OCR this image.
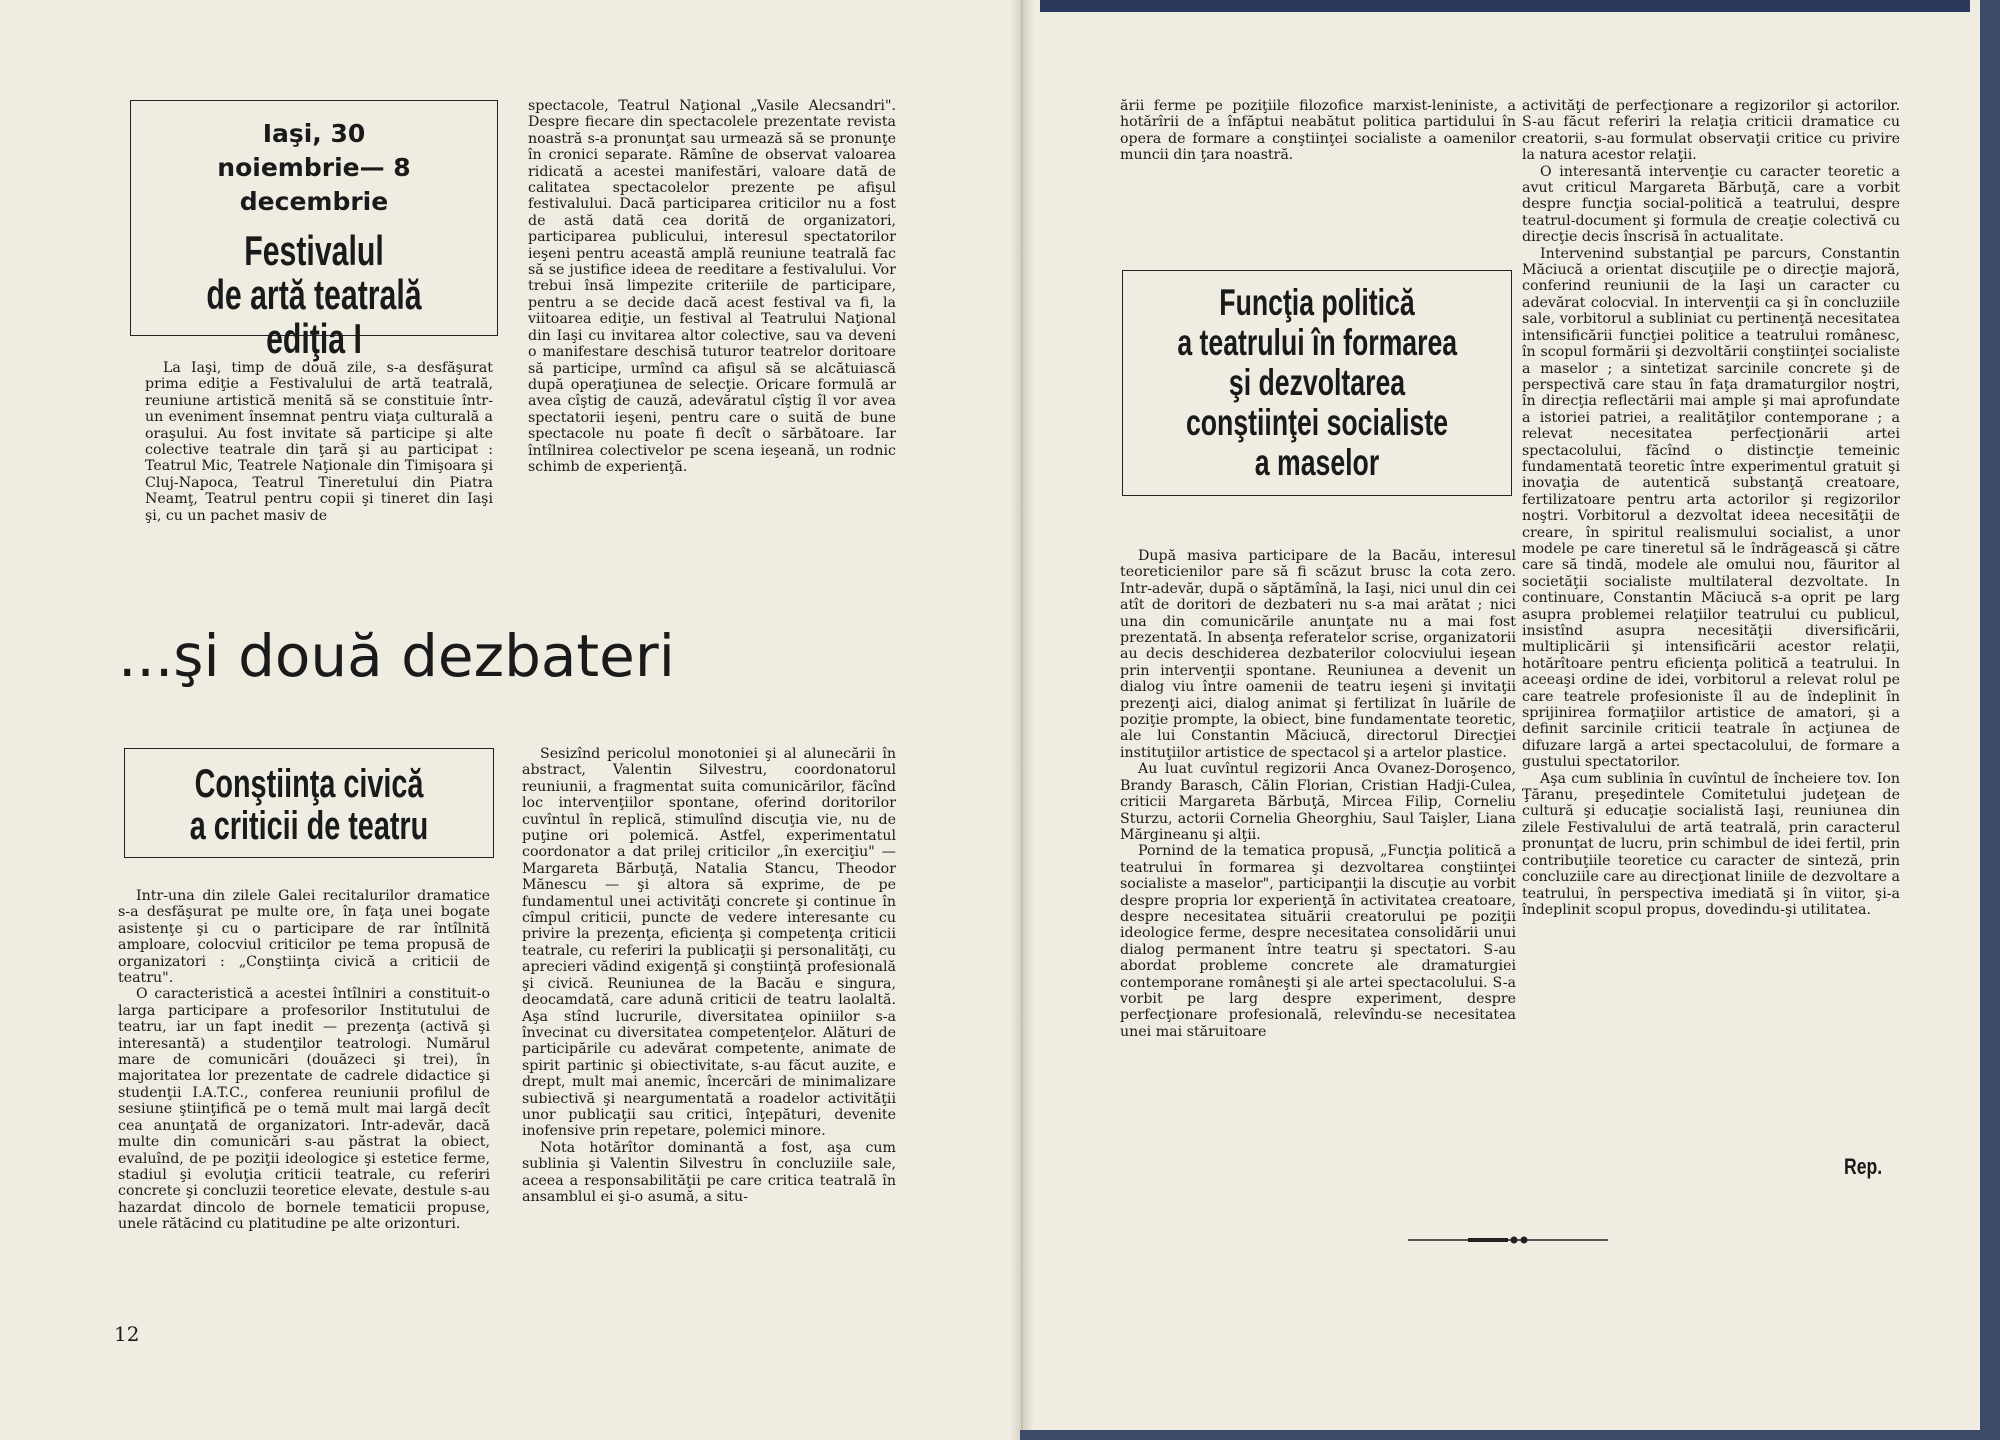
Iaşi, 30 noiembrie— 8 decembrie
Festivalul
de artă teatrală
ediţia I

La Iaşi, timp de două zile, s-a desfăşurat prima ediţie a Festivalului de artă teatrală, reuniune artistică menită să se constituie într-un eveniment însemnat pentru viaţa culturală a oraşului. Au fost invitate să participe şi alte colective teatrale din ţară şi au participat : Teatrul Mic, Teatrele Naţionale din Timişoara şi Cluj-Napoca, Teatrul Tineretului din Piatra Neamţ, Teatrul pentru copii şi tineret din Iaşi şi, cu un pachet masiv de

spectacole, Teatrul Naţional „Vasile Alecsandri". Despre fiecare din spectacolele prezentate revista noastră s-a pronunţat sau urmează să se pronunţe în cronici separate. Rămîne de observat valoarea ridicată a acestei manifestări, valoare dată de calitatea spectacolelor prezente pe afişul festivalului. Dacă participarea criticilor nu a fost de astă dată cea dorită de organizatori, participarea publicului, interesul spectatorilor ieşeni pentru această amplă reuniune teatrală fac să se justifice ideea de reeditare a festivalului. Vor trebui însă limpezite criteriile de participare, pentru a se decide dacă acest festival va fi, la viitoarea ediţie, un festival al Teatrului Naţional din Iaşi cu invitarea altor colective, sau va deveni o manifestare deschisă tuturor teatrelor doritoare să participe, urmînd ca afişul să se alcătuiască după operaţiunea de selecţie. Oricare formulă ar avea cîştig de cauză, adevăratul cîştig îl vor avea spectatorii ieşeni, pentru care o suită de bune spectacole nu poate fi decît o sărbătoare. Iar întîlnirea colectivelor pe scena ieşeană, un rodnic schimb de experienţă.

...şi două dezbateri
Conştiinţa civică
a criticii de teatru

Intr-una din zilele Galei recitalurilor dramatice s-a desfăşurat pe multe ore, în faţa unei bogate asistenţe şi cu o participare de rar întîlnită amploare, colocviul criticilor pe tema propusă de organizatori : „Conştiinţa civică a criticii de teatru".

O caracteristică a acestei întîlniri a constituit-o larga participare a profesorilor Institutului de teatru, iar un fapt inedit — prezenţa (activă şi interesantă) a studenţilor teatrologi. Numărul mare de comunicări (douăzeci şi trei), în majoritatea lor prezentate de cadrele didactice şi studenţii I.A.T.C., conferea reuniunii profilul de sesiune ştiinţifică pe o temă mult mai largă decît cea anunţată de organizatori. Intr-adevăr, dacă multe din comunicări s-au păstrat la obiect, evaluînd, de pe poziţii ideologice şi estetice ferme, stadiul şi evoluţia criticii teatrale, cu referiri concrete şi concluzii teoretice elevate, destule s-au hazardat dincolo de bornele tematicii propuse, unele rătăcind cu platitudine pe alte orizonturi.

Sesizînd pericolul monotoniei şi al alunecării în abstract, Valentin Silvestru, coordonatorul reuniunii, a fragmentat suita comunicărilor, făcînd loc intervenţiilor spontane, oferind doritorilor cuvîntul în replică, stimulînd discuţia vie, nu de puţine ori polemică. Astfel, experimentatul coordonator a dat prilej criticilor „în exerciţiu" — Margareta Bărbuţă, Natalia Stancu, Theodor Mănescu — şi altora să exprime, de pe fundamentul unei activităţi concrete şi continue în cîmpul criticii, puncte de vedere interesante cu privire la prezenţa, eficienţa şi competenţa criticii teatrale, cu referiri la publicaţii şi personalităţi, cu aprecieri vădind exigenţă şi conştiinţă profesională şi civică. Reuniunea de la Bacău e singura, deocamdată, care adună criticii de teatru laolaltă. Aşa stînd lucrurile, diversitatea opiniilor s-a învecinat cu diversitatea competenţelor. Alături de participările cu adevărat competente, animate de spirit partinic şi obiectivitate, s-au făcut auzite, e drept, mult mai anemic, încercări de minimalizare subiectivă şi neargumentată a roadelor activităţii unor publicaţii sau critici, înţepături, devenite inofensive prin repetare, polemici minore.

Nota hotărîtor dominantă a fost, aşa cum sublinia şi Valentin Silvestru în concluziile sale, aceea a responsabilităţii pe care critica teatrală în ansamblul ei şi-o asumă, a situ-

12

ării ferme pe poziţiile filozofice marxist-leniniste, a hotărîrii de a înfăptui neabătut politica partidului în opera de formare a conştiinţei socialiste a oamenilor muncii din ţara noastră.

Funcţia politică
a teatrului în formarea
şi dezvoltarea
conştiinţei socialiste
a maselor

După masiva participare de la Bacău, interesul teoreticienilor pare să fi scăzut brusc la cota zero. Intr-adevăr, după o săptămînă, la Iaşi, nici unul din cei atît de doritori de dezbateri nu s-a mai arătat ; nici una din comunicările anunţate nu a mai fost prezentată. In absenţa referatelor scrise, organizatorii au decis deschiderea dezbaterilor colocviului ieşean prin intervenţii spontane. Reuniunea a devenit un dialog viu între oamenii de teatru ieşeni şi invitaţii prezenţi aici, dialog animat şi fertilizat în luările de poziţie prompte, la obiect, bine fundamentate teoretic, ale lui Constantin Măciucă, directorul Direcţiei instituţiilor artistice de spectacol şi a artelor plastice.

Au luat cuvîntul regizorii Anca Ovanez-Doroşenco, Brandy Barasch, Călin Florian, Cristian Hadji-Culea, criticii Margareta Bărbuţă, Mircea Filip, Corneliu Sturzu, actorii Cornelia Gheorghiu, Saul Taişler, Liana Mărgineanu şi alţii.

Pornind de la tematica propusă, „Funcţia politică a teatrului în formarea şi dezvoltarea conştiinţei socialiste a maselor", participanţii la discuţie au vorbit despre propria lor experienţă în activitatea creatoare, despre necesitatea situării creatorului pe poziţii ideologice ferme, despre necesitatea consolidării unui dialog permanent între teatru şi spectatori. S-au abordat probleme concrete ale dramaturgiei contemporane româneşti şi ale artei spectacolului. S-a vorbit pe larg despre experiment, despre perfecţionare profesională, relevîndu-se necesitatea unei mai stăruitoare

activităţi de perfecţionare a regizorilor şi actorilor. S-au făcut referiri la relaţia criticii dramatice cu creatorii, s-au formulat observaţii critice cu privire la natura acestor relaţii.

O interesantă intervenţie cu caracter teoretic a avut criticul Margareta Bărbuţă, care a vorbit despre funcţia social-politică a teatrului, despre teatrul-document şi formula de creaţie colectivă cu direcţie decis înscrisă în actualitate.

Intervenind substanţial pe parcurs, Constantin Măciucă a orientat discuţiile pe o direcţie majoră, conferind reuniunii de la Iaşi un caracter cu adevărat colocvial. In intervenţii ca şi în concluziile sale, vorbitorul a subliniat cu pertinenţă necesitatea intensificării funcţiei politice a teatrului românesc, în scopul formării şi dezvoltării conştiinţei socialiste a maselor ; a sintetizat sarcinile concrete şi de perspectivă care stau în faţa dramaturgilor noştri, în direcţia reflectării mai ample şi mai aprofundate a istoriei patriei, a realităţilor contemporane ; a relevat necesitatea perfecţionării artei spectacolului, făcînd o distincţie temeinic fundamentată teoretic între experimentul gratuit şi inovaţia de autentică substanţă creatoare, fertilizatoare pentru arta actorilor şi regizorilor noştri. Vorbitorul a dezvoltat ideea necesităţii de creare, în spiritul realismului socialist, a unor modele pe care tineretul să le îndrăgească şi către care să tindă, modele ale omului nou, făuritor al societăţii socialiste multilateral dezvoltate. In continuare, Constantin Măciucă s-a oprit pe larg asupra problemei relaţiilor teatrului cu publicul, insistînd asupra necesităţii diversificării, multiplicării şi intensificării acestor relaţii, hotărîtoare pentru eficienţa politică a teatrului. In aceeaşi ordine de idei, vorbitorul a relevat rolul pe care teatrele profesioniste îl au de îndeplinit în sprijinirea formaţiilor artistice de amatori, şi a definit sarcinile criticii teatrale în acţiunea de difuzare largă a artei spectacolului, de formare a gustului spectatorilor.

Aşa cum sublinia în cuvîntul de încheiere tov. Ion Ţăranu, preşedintele Comitetului judeţean de cultură şi educaţie socialistă Iaşi, reuniunea din zilele Festivalului de artă teatrală, prin caracterul pronunţat de lucru, prin schimbul de idei fertil, prin contribuţiile teoretice cu caracter de sinteză, prin concluziile care au direcţionat liniile de dezvoltare a teatrului, în perspectiva imediată şi în viitor, şi-a îndeplinit scopul propus, dovedindu-şi utilitatea.

Rep.
